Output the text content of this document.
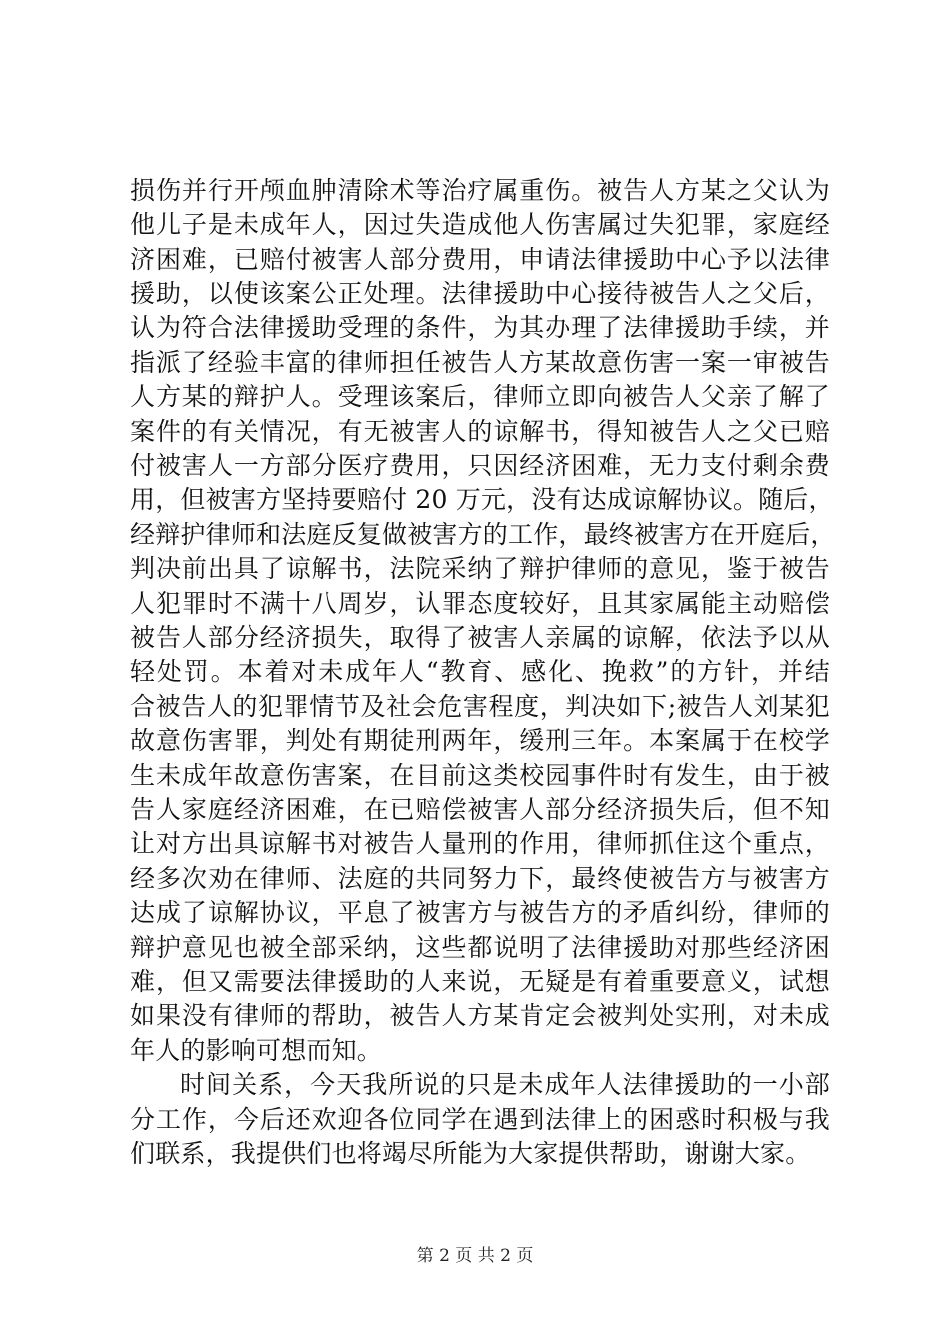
损伤并行开颅血肿清除术等治疗属重伤。被告人方某之父认为
他儿子是未成年人，因过失造成他人伤害属过失犯罪，家庭经
济困难，已赔付被害人部分费用，申请法律援助中心予以法律
援助，以使该案公正处理。法律援助中心接待被告人之父后，
认为符合法律援助受理的条件，为其办理了法律援助手续，并
指派了经验丰富的律师担任被告人方某故意伤害一案一审被告
人方某的辩护人。受理该案后，律师立即向被告人父亲了解了
案件的有关情况，有无被害人的谅解书，得知被告人之父已赔
付被害人一方部分医疗费用，只因经济困难，无力支付剩余费
用，但被害方坚持要赔付 20 万元，没有达成谅解协议。随后，
经辩护律师和法庭反复做被害方的工作，最终被害方在开庭后，
判决前出具了谅解书，法院采纳了辩护律师的意见，鉴于被告
人犯罪时不满十八周岁，认罪态度较好，且其家属能主动赔偿
被告人部分经济损失，取得了被害人亲属的谅解，依法予以从
轻处罚。本着对未成年人“教育、感化、挽救”的方针，并结
合被告人的犯罪情节及社会危害程度，判决如下;被告人刘某犯
故意伤害罪，判处有期徒刑两年，缓刑三年。本案属于在校学
生未成年故意伤害案，在目前这类校园事件时有发生，由于被
告人家庭经济困难，在已赔偿被害人部分经济损失后，但不知
让对方出具谅解书对被告人量刑的作用，律师抓住这个重点，
经多次劝在律师、法庭的共同努力下，最终使被告方与被害方
达成了谅解协议，平息了被害方与被告方的矛盾纠纷，律师的
辩护意见也被全部采纳，这些都说明了法律援助对那些经济困
难，但又需要法律援助的人来说，无疑是有着重要意义，试想
如果没有律师的帮助，被告人方某肯定会被判处实刑，对未成
年人的影响可想而知。
时间关系，今天我所说的只是未成年人法律援助的一小部
分工作，今后还欢迎各位同学在遇到法律上的困惑时积极与我
们联系，我提供们也将竭尽所能为大家提供帮助，谢谢大家。
第 2 页 共 2 页
